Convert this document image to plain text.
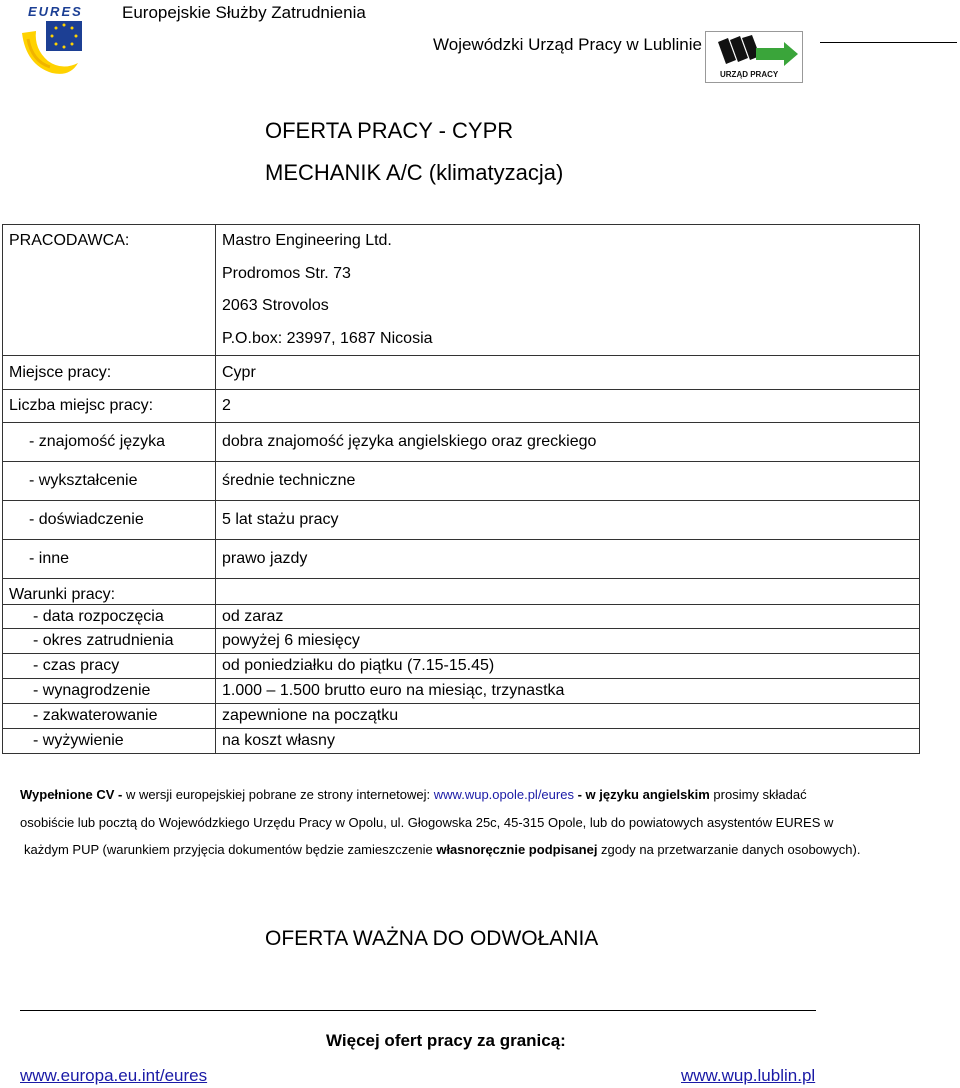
EURES Europejskie Służby Zatrudnienia
Wojewódzki Urząd Pracy w Lublinie
URZĄD PRACY
OFERTA PRACY - CYPR
MECHANIK A/C (klimatyzacja)
PRACODAWCA:	Mastro Engineering Ltd.
Prodromos Str. 73
2063 Strovolos
P.O.box: 23997, 1687 Nicosia

Miejsce pracy:	Cypr
Liczba miejsc pracy:	2
- znajomość języka	dobra znajomość języka angielskiego oraz greckiego
- wykształcenie	średnie techniczne
- doświadczenie	5 lat stażu pracy
- inne	prawo jazdy
Warunki pracy:	
- data rozpoczęcia	od zaraz
- okres zatrudnienia	powyżej 6 miesięcy
- czas pracy	od poniedziałku do piątku (7.15-15.45)
- wynagrodzenie	1.000 – 1.500 brutto euro na miesiąc, trzynastka
- zakwaterowanie	zapewnione na początku
- wyżywienie	na koszt własny
Wypełnione CV - w wersji europejskiej pobrane ze strony internetowej: www.wup.opole.pl/eures - w języku angielskim prosimy składać
osobiście lub pocztą do Wojewódzkiego Urzędu Pracy w Opolu, ul. Głogowska 25c, 45-315 Opole, lub do powiatowych asystentów EURES w
każdym PUP (warunkiem przyjęcia dokumentów będzie zamieszczenie własnoręcznie podpisanej zgody na przetwarzanie danych osobowych).
OFERTA WAŻNA DO ODWOŁANIA
Więcej ofert pracy za granicą:
www.europa.eu.int/eures	www.wup.lublin.pl
